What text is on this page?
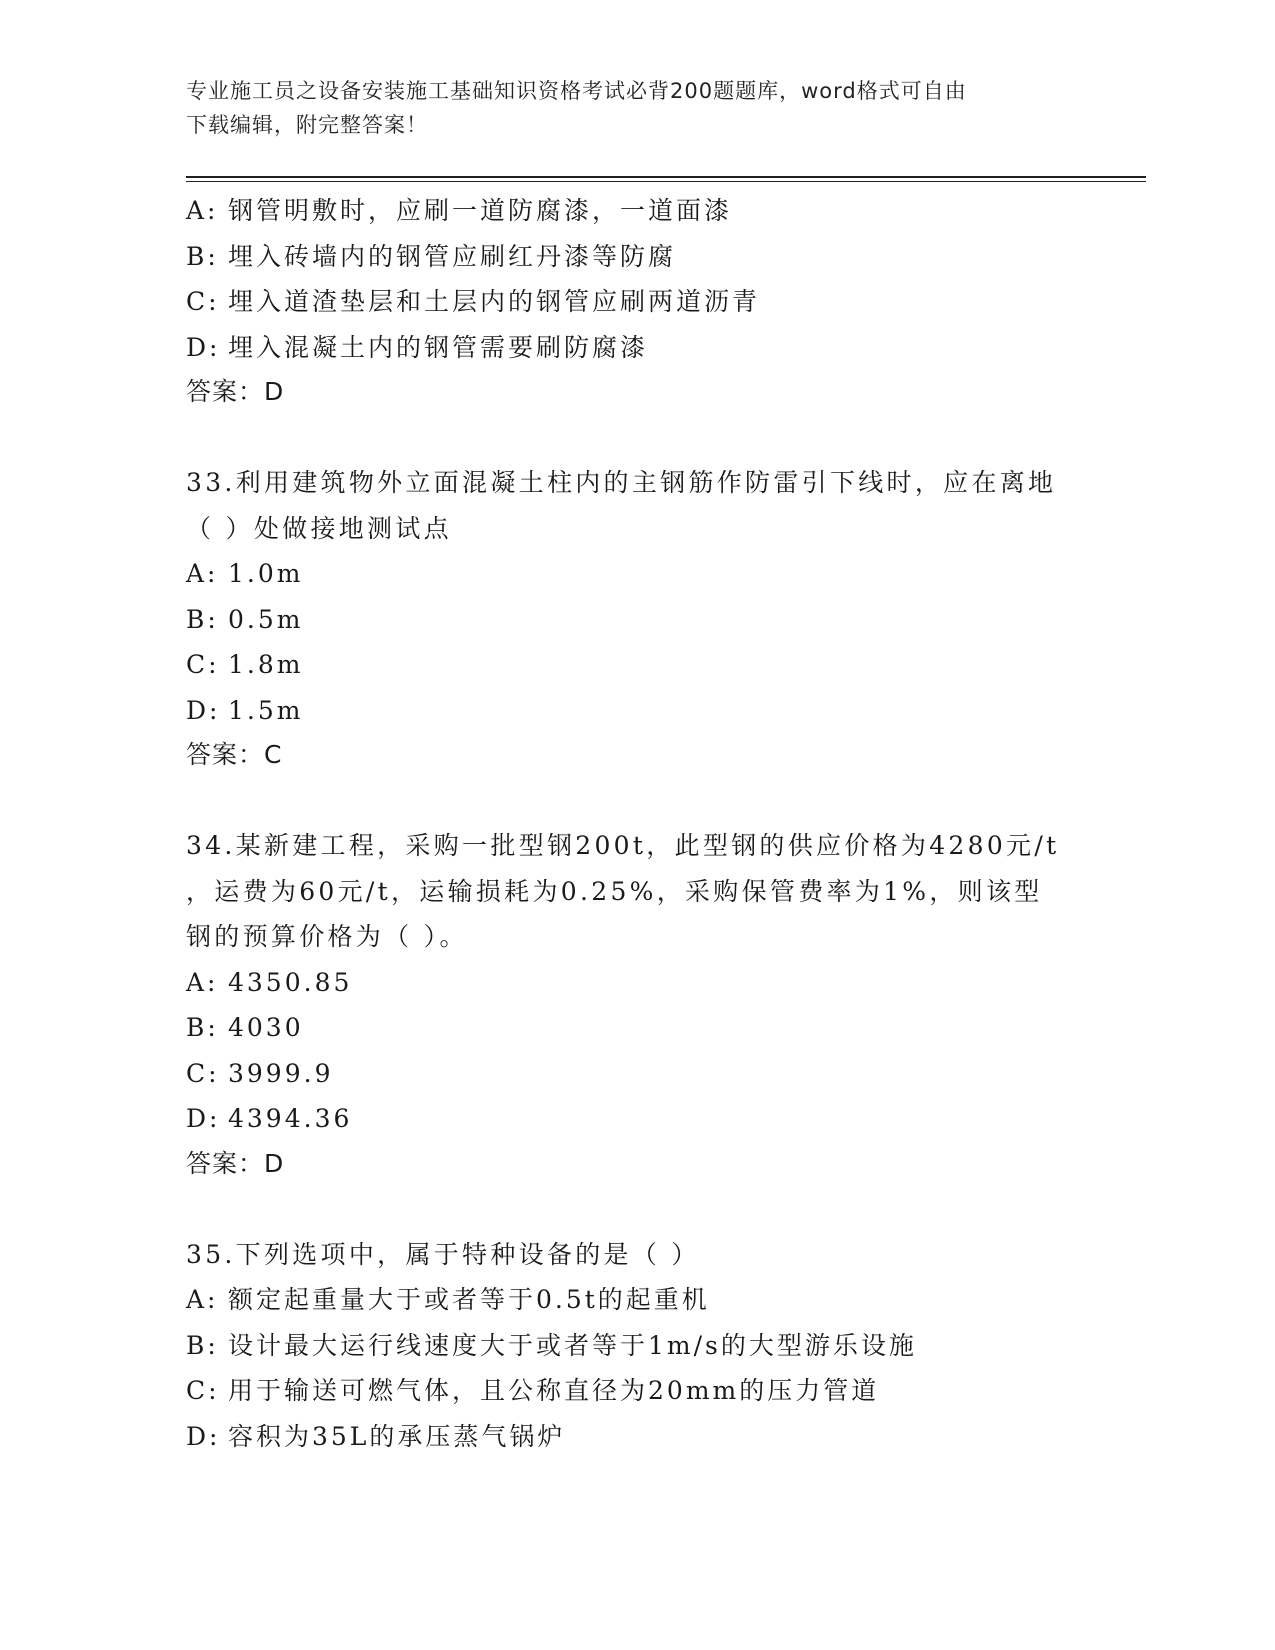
专业施工员之设备安装施工基础知识资格考试必背200题题库，word格式可自由
下载编辑，附完整答案！
A: 钢管明敷时，应刷一道防腐漆，一道面漆
B: 埋入砖墙内的钢管应刷红丹漆等防腐
C: 埋入道渣垫层和土层内的钢管应刷两道沥青
D: 埋入混凝土内的钢管需要刷防腐漆
答案：D
33.利用建筑物外立面混凝土柱内的主钢筋作防雷引下线时，应在离地
（ ）处做接地测试点
A: 1.0m
B: 0.5m
C: 1.8m
D: 1.5m
答案：C
34.某新建工程，采购一批型钢200t，此型钢的供应价格为4280元/t
，运费为60元/t，运输损耗为0.25%，采购保管费率为1%，则该型
钢的预算价格为（ ）。
A: 4350.85
B: 4030
C: 3999.9
D: 4394.36
答案：D
35.下列选项中，属于特种设备的是（ ）
A: 额定起重量大于或者等于0.5t的起重机
B: 设计最大运行线速度大于或者等于1m/s的大型游乐设施
C: 用于输送可燃气体，且公称直径为20mm的压力管道
D: 容积为35L的承压蒸气锅炉
